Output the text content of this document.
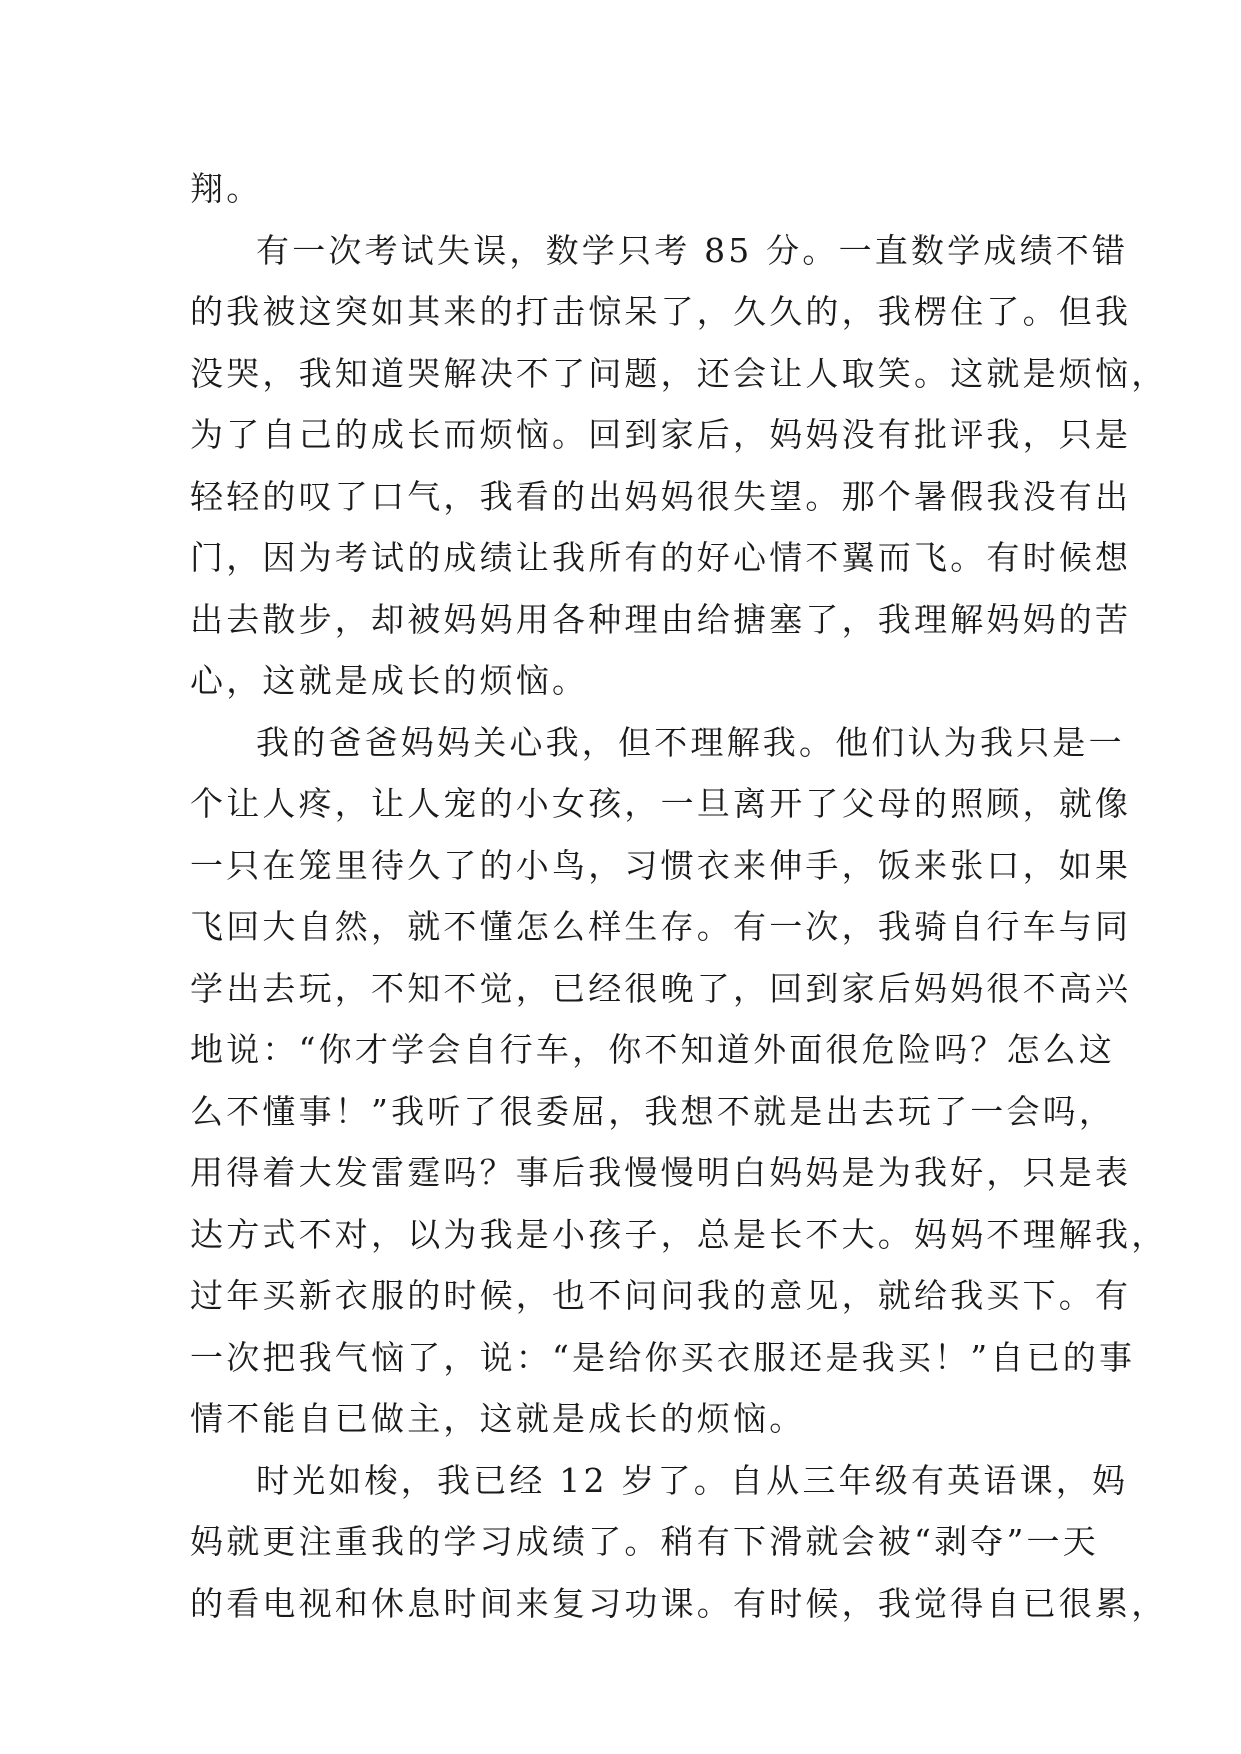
翔。
有一次考试失误，数学只考 85 分。一直数学成绩不错
的我被这突如其来的打击惊呆了，久久的，我楞住了。但我
没哭，我知道哭解决不了问题，还会让人取笑。这就是烦恼，
为了自己的成长而烦恼。回到家后，妈妈没有批评我，只是
轻轻的叹了口气，我看的出妈妈很失望。那个暑假我没有出
门，因为考试的成绩让我所有的好心情不翼而飞。有时候想
出去散步，却被妈妈用各种理由给搪塞了，我理解妈妈的苦
心，这就是成长的烦恼。
我的爸爸妈妈关心我，但不理解我。他们认为我只是一
个让人疼，让人宠的小女孩，一旦离开了父母的照顾，就像
一只在笼里待久了的小鸟，习惯衣来伸手，饭来张口，如果
飞回大自然，就不懂怎么样生存。有一次，我骑自行车与同
学出去玩，不知不觉，已经很晚了，回到家后妈妈很不高兴
地说：“你才学会自行车，你不知道外面很危险吗？怎么这
么不懂事！”我听了很委屈，我想不就是出去玩了一会吗，
用得着大发雷霆吗？事后我慢慢明白妈妈是为我好，只是表
达方式不对，以为我是小孩子，总是长不大。妈妈不理解我，
过年买新衣服的时候，也不问问我的意见，就给我买下。有
一次把我气恼了，说：“是给你买衣服还是我买！”自已的事
情不能自已做主，这就是成长的烦恼。
时光如梭，我已经 12 岁了。自从三年级有英语课，妈
妈就更注重我的学习成绩了。稍有下滑就会被“剥夺”一天
的看电视和休息时间来复习功课。有时候，我觉得自已很累，
